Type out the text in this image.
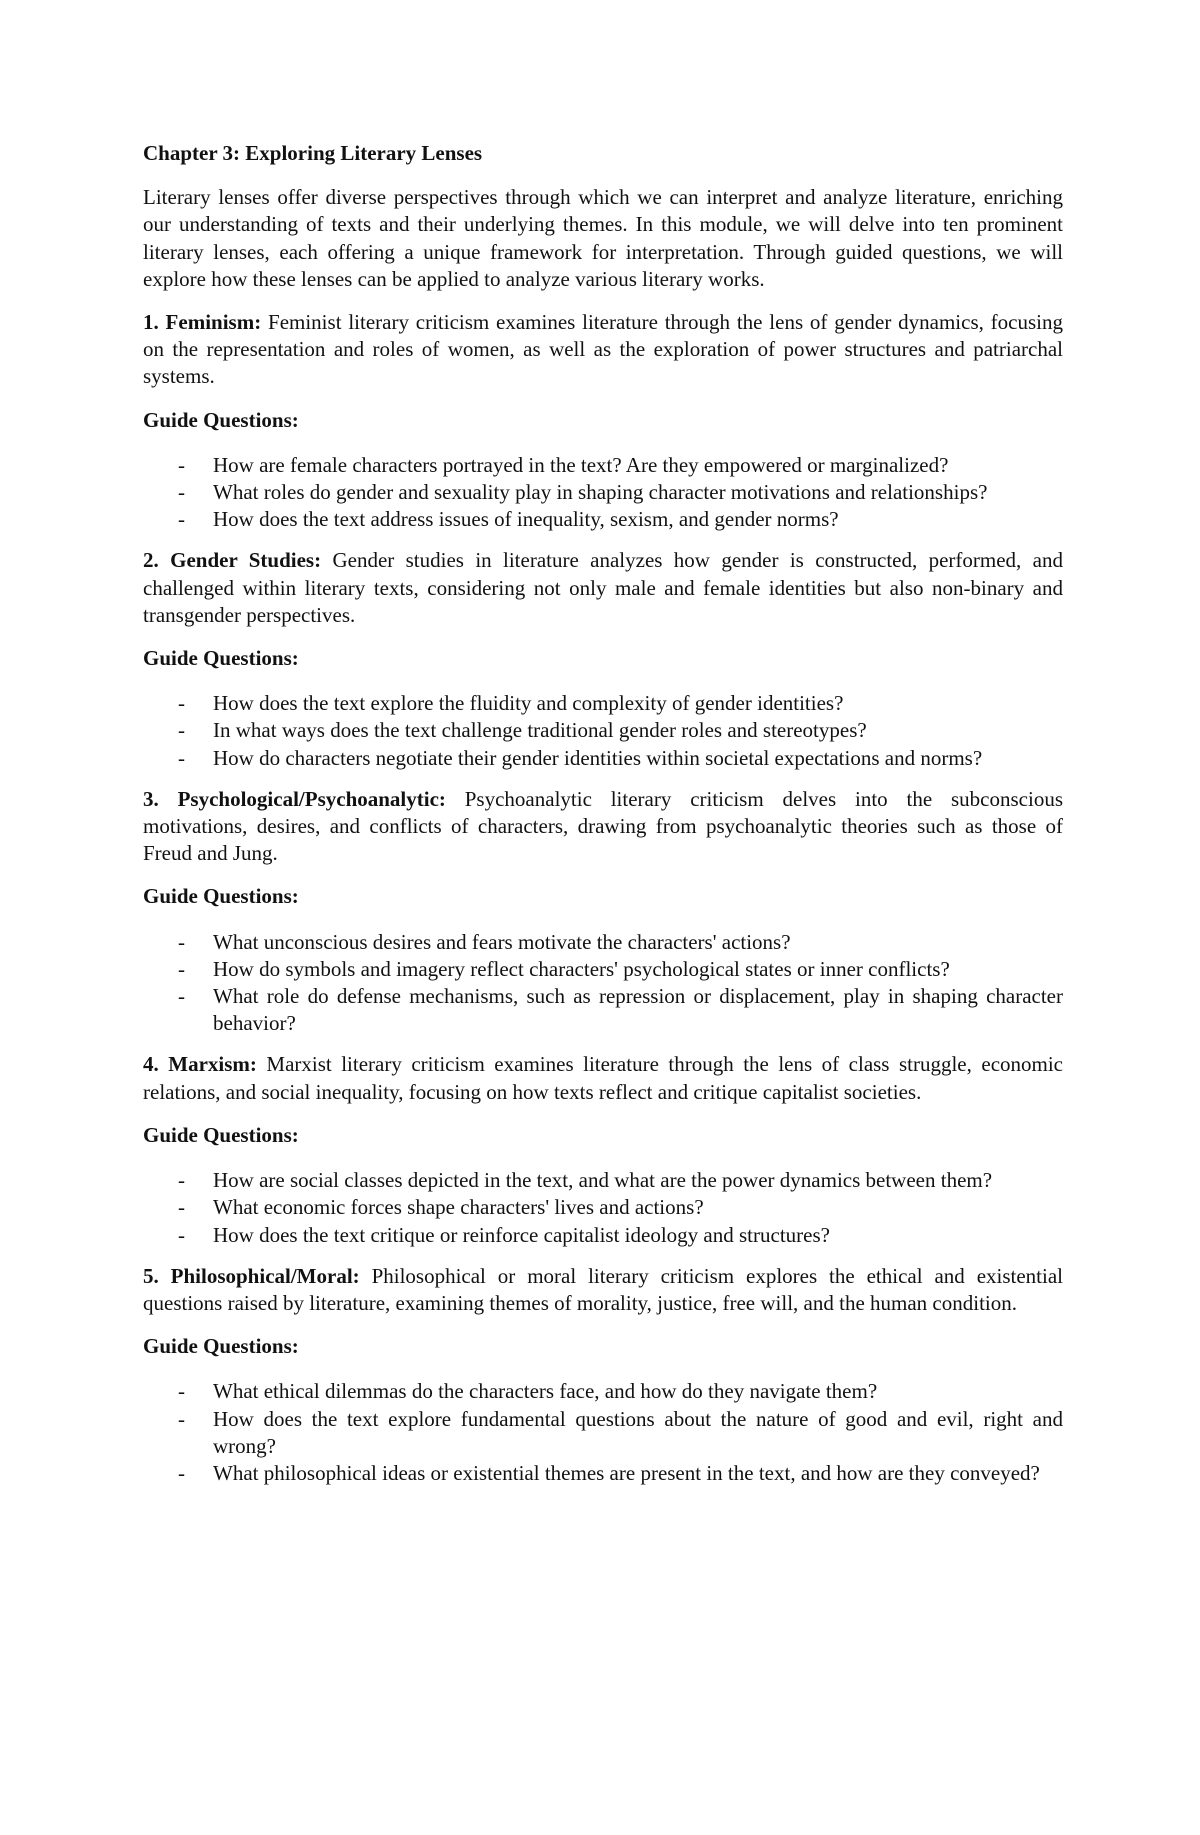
Chapter 3: Exploring Literary Lenses

Literary lenses offer diverse perspectives through which we can interpret and analyze literature, enriching our understanding of texts and their underlying themes. In this module, we will delve into ten prominent literary lenses, each offering a unique framework for interpretation. Through guided questions, we will explore how these lenses can be applied to analyze various literary works.

1. Feminism: Feminist literary criticism examines literature through the lens of gender dynamics, focusing on the representation and roles of women, as well as the exploration of power structures and patriarchal systems.

Guide Questions:
- How are female characters portrayed in the text? Are they empowered or marginalized?
- What roles do gender and sexuality play in shaping character motivations and relationships?
- How does the text address issues of inequality, sexism, and gender norms?

2. Gender Studies: Gender studies in literature analyzes how gender is constructed, performed, and challenged within literary texts, considering not only male and female identities but also non-binary and transgender perspectives.

Guide Questions:
- How does the text explore the fluidity and complexity of gender identities?
- In what ways does the text challenge traditional gender roles and stereotypes?
- How do characters negotiate their gender identities within societal expectations and norms?

3. Psychological/Psychoanalytic: Psychoanalytic literary criticism delves into the subconscious motivations, desires, and conflicts of characters, drawing from psychoanalytic theories such as those of Freud and Jung.

Guide Questions:
- What unconscious desires and fears motivate the characters' actions?
- How do symbols and imagery reflect characters' psychological states or inner conflicts?
- What role do defense mechanisms, such as repression or displacement, play in shaping character behavior?

4. Marxism: Marxist literary criticism examines literature through the lens of class struggle, economic relations, and social inequality, focusing on how texts reflect and critique capitalist societies.

Guide Questions:
- How are social classes depicted in the text, and what are the power dynamics between them?
- What economic forces shape characters' lives and actions?
- How does the text critique or reinforce capitalist ideology and structures?

5. Philosophical/Moral: Philosophical or moral literary criticism explores the ethical and existential questions raised by literature, examining themes of morality, justice, free will, and the human condition.

Guide Questions:
- What ethical dilemmas do the characters face, and how do they navigate them?
- How does the text explore fundamental questions about the nature of good and evil, right and wrong?
- What philosophical ideas or existential themes are present in the text, and how are they conveyed?
